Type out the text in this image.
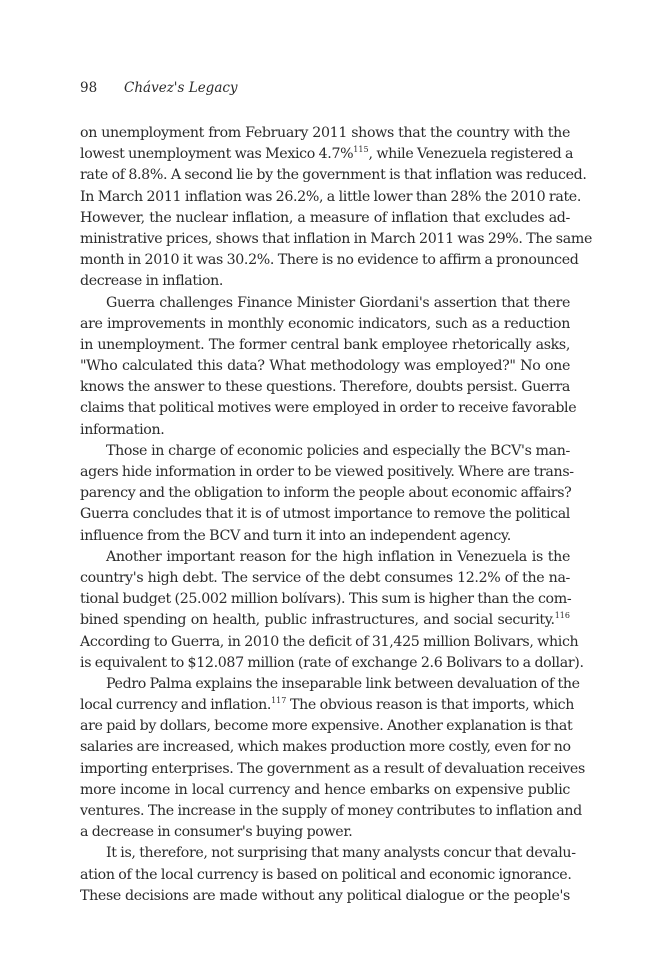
98 Chávez's Legacy
on unemployment from February 2011 shows that the country with the
lowest unemployment was Mexico 4.7%$^{115}$, while Venezuela registered a
rate of 8.8%. A second lie by the government is that inflation was reduced.
In March 2011 inflation was 26.2%, a little lower than 28% the 2010 rate.
However, the nuclear inflation, a measure of inflation that excludes ad-
ministrative prices, shows that inflation in March 2011 was 29%. The same
month in 2010 it was 30.2%. There is no evidence to affirm a pronounced
decrease in inflation.
Guerra challenges Finance Minister Giordani's assertion that there
are improvements in monthly economic indicators, such as a reduction
in unemployment. The former central bank employee rhetorically asks,
"Who calculated this data? What methodology was employed?" No one
knows the answer to these questions. Therefore, doubts persist. Guerra
claims that political motives were employed in order to receive favorable
information.
Those in charge of economic policies and especially the BCV's man-
agers hide information in order to be viewed positively. Where are trans-
parency and the obligation to inform the people about economic affairs?
Guerra concludes that it is of utmost importance to remove the political
influence from the BCV and turn it into an independent agency.
Another important reason for the high inflation in Venezuela is the
country's high debt. The service of the debt consumes 12.2% of the na-
tional budget (25.002 million bolívars). This sum is higher than the com-
bined spending on health, public infrastructures, and social security.$^{116}$
According to Guerra, in 2010 the deficit of 31,425 million Bolivars, which
is equivalent to $12.087 million (rate of exchange 2.6 Bolivars to a dollar).
Pedro Palma explains the inseparable link between devaluation of the
local currency and inflation.$^{117}$ The obvious reason is that imports, which
are paid by dollars, become more expensive. Another explanation is that
salaries are increased, which makes production more costly, even for no
importing enterprises. The government as a result of devaluation receives
more income in local currency and hence embarks on expensive public
ventures. The increase in the supply of money contributes to inflation and
a decrease in consumer's buying power.
It is, therefore, not surprising that many analysts concur that devalu-
ation of the local currency is based on political and economic ignorance.
These decisions are made without any political dialogue or the people's
